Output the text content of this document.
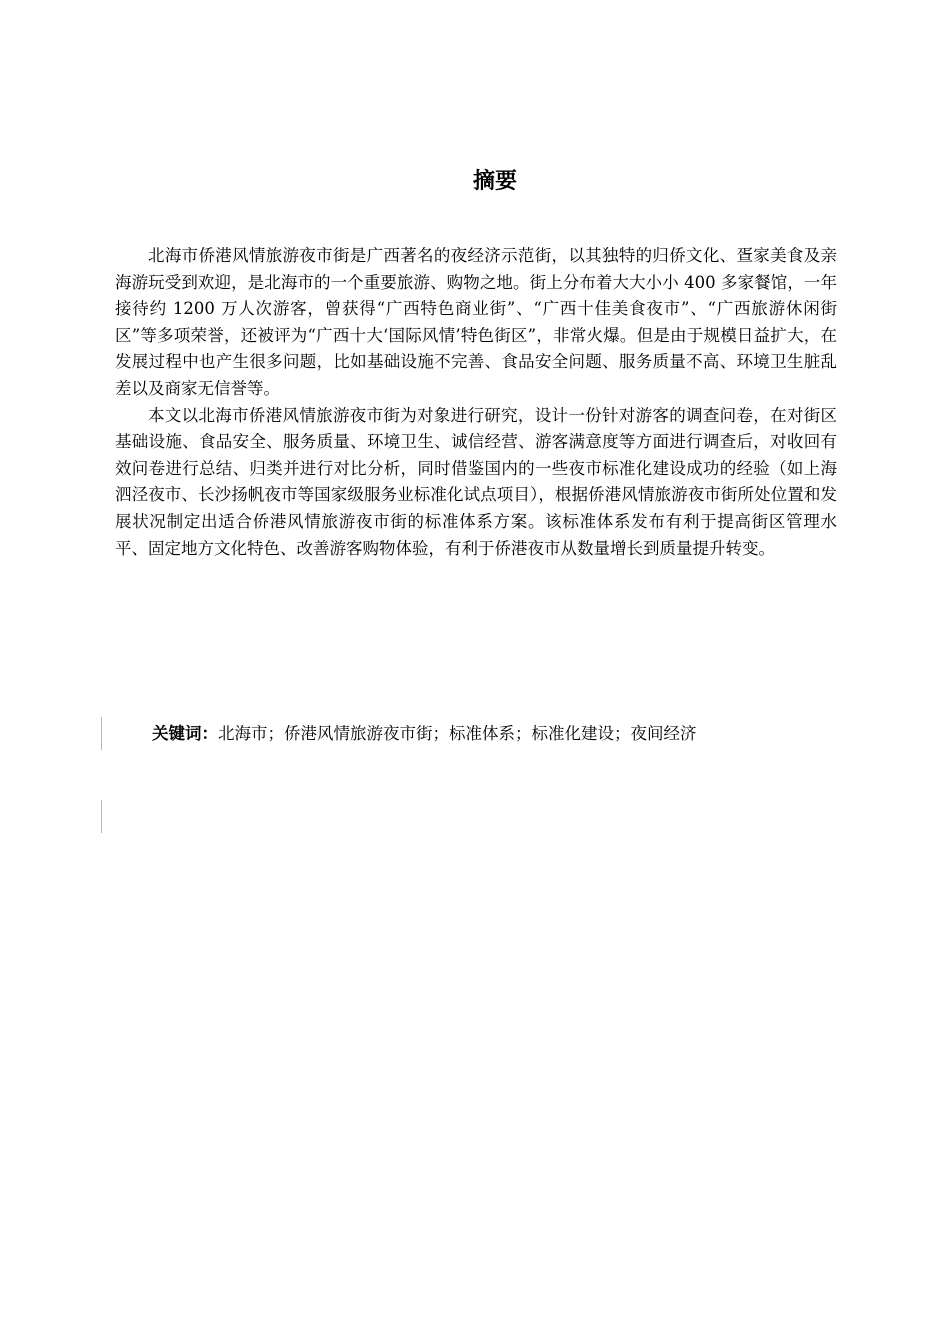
摘要

北海市侨港风情旅游夜市街是广西著名的夜经济示范街，以其独特的归侨文化、疍家美食及亲海游玩受到欢迎，是北海市的一个重要旅游、购物之地。街上分布着大大小小 400 多家餐馆，一年接待约 1200 万人次游客，曾获得“广西特色商业街”、“广西十佳美食夜市”、“广西旅游休闲街区”等多项荣誉，还被评为“广西十大‘国际风情’特色街区”，非常火爆。但是由于规模日益扩大，在发展过程中也产生很多问题，比如基础设施不完善、食品安全问题、服务质量不高、环境卫生脏乱差以及商家无信誉等。

本文以北海市侨港风情旅游夜市街为对象进行研究，设计一份针对游客的调查问卷，在对街区基础设施、食品安全、服务质量、环境卫生、诚信经营、游客满意度等方面进行调查后，对收回有效问卷进行总结、归类并进行对比分析，同时借鉴国内的一些夜市标准化建设成功的经验（如上海泗泾夜市、长沙扬帆夜市等国家级服务业标准化试点项目），根据侨港风情旅游夜市街所处位置和发展状况制定出适合侨港风情旅游夜市街的标准体系方案。该标准体系发布有利于提高街区管理水平、固定地方文化特色、改善游客购物体验，有利于侨港夜市从数量增长到质量提升转变。

关键词：北海市；侨港风情旅游夜市街；标准体系；标准化建设；夜间经济
